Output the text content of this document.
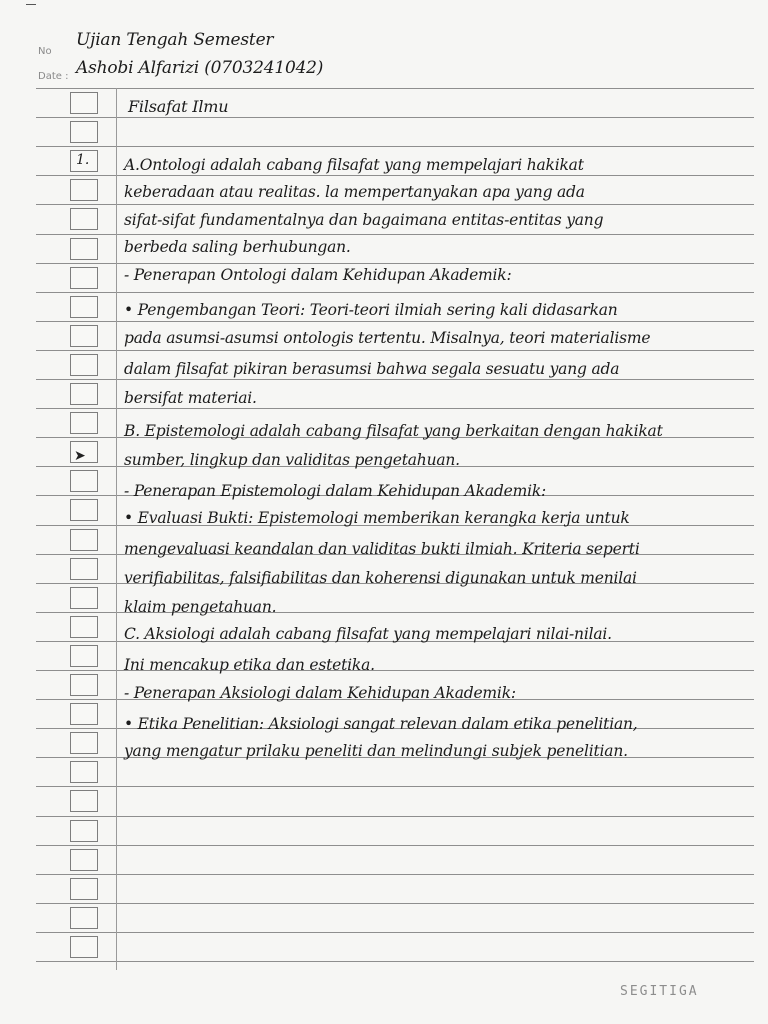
No
Date :
Ujian Tengah Semester
Ashobi Alfarizi (0703241042)
Filsafat Ilmu
1.
➤
A.Ontologi adalah cabang filsafat yang mempelajari hakikat
keberadaan atau realitas. la mempertanyakan apa yang ada
sifat-sifat fundamentalnya dan bagaimana entitas-entitas yang
berbeda saling berhubungan.
- Penerapan Ontologi dalam Kehidupan Akademik:
• Pengembangan Teori: Teori-teori ilmiah sering kali didasarkan
pada asumsi-asumsi ontologis tertentu. Misalnya, teori materialisme
dalam filsafat pikiran berasumsi bahwa segala sesuatu yang ada
bersifat materiai.
B. Epistemologi adalah cabang filsafat yang berkaitan dengan hakikat
sumber, lingkup dan validitas pengetahuan.
- Penerapan Epistemologi dalam Kehidupan Akademik:
• Evaluasi Bukti: Epistemologi memberikan kerangka kerja untuk
mengevaluasi keandalan dan validitas bukti ilmiah. Kriteria seperti
verifiabilitas, falsifiabilitas dan koherensi digunakan untuk menilai
klaim pengetahuan.
C. Aksiologi adalah cabang filsafat yang mempelajari nilai-nilai.
Ini mencakup etika dan estetika.
- Penerapan Aksiologi dalam Kehidupan Akademik:
• Etika Penelitian: Aksiologi sangat relevan dalam etika penelitian,
yang mengatur prilaku peneliti dan melindungi subjek penelitian.
SEGITIGA
